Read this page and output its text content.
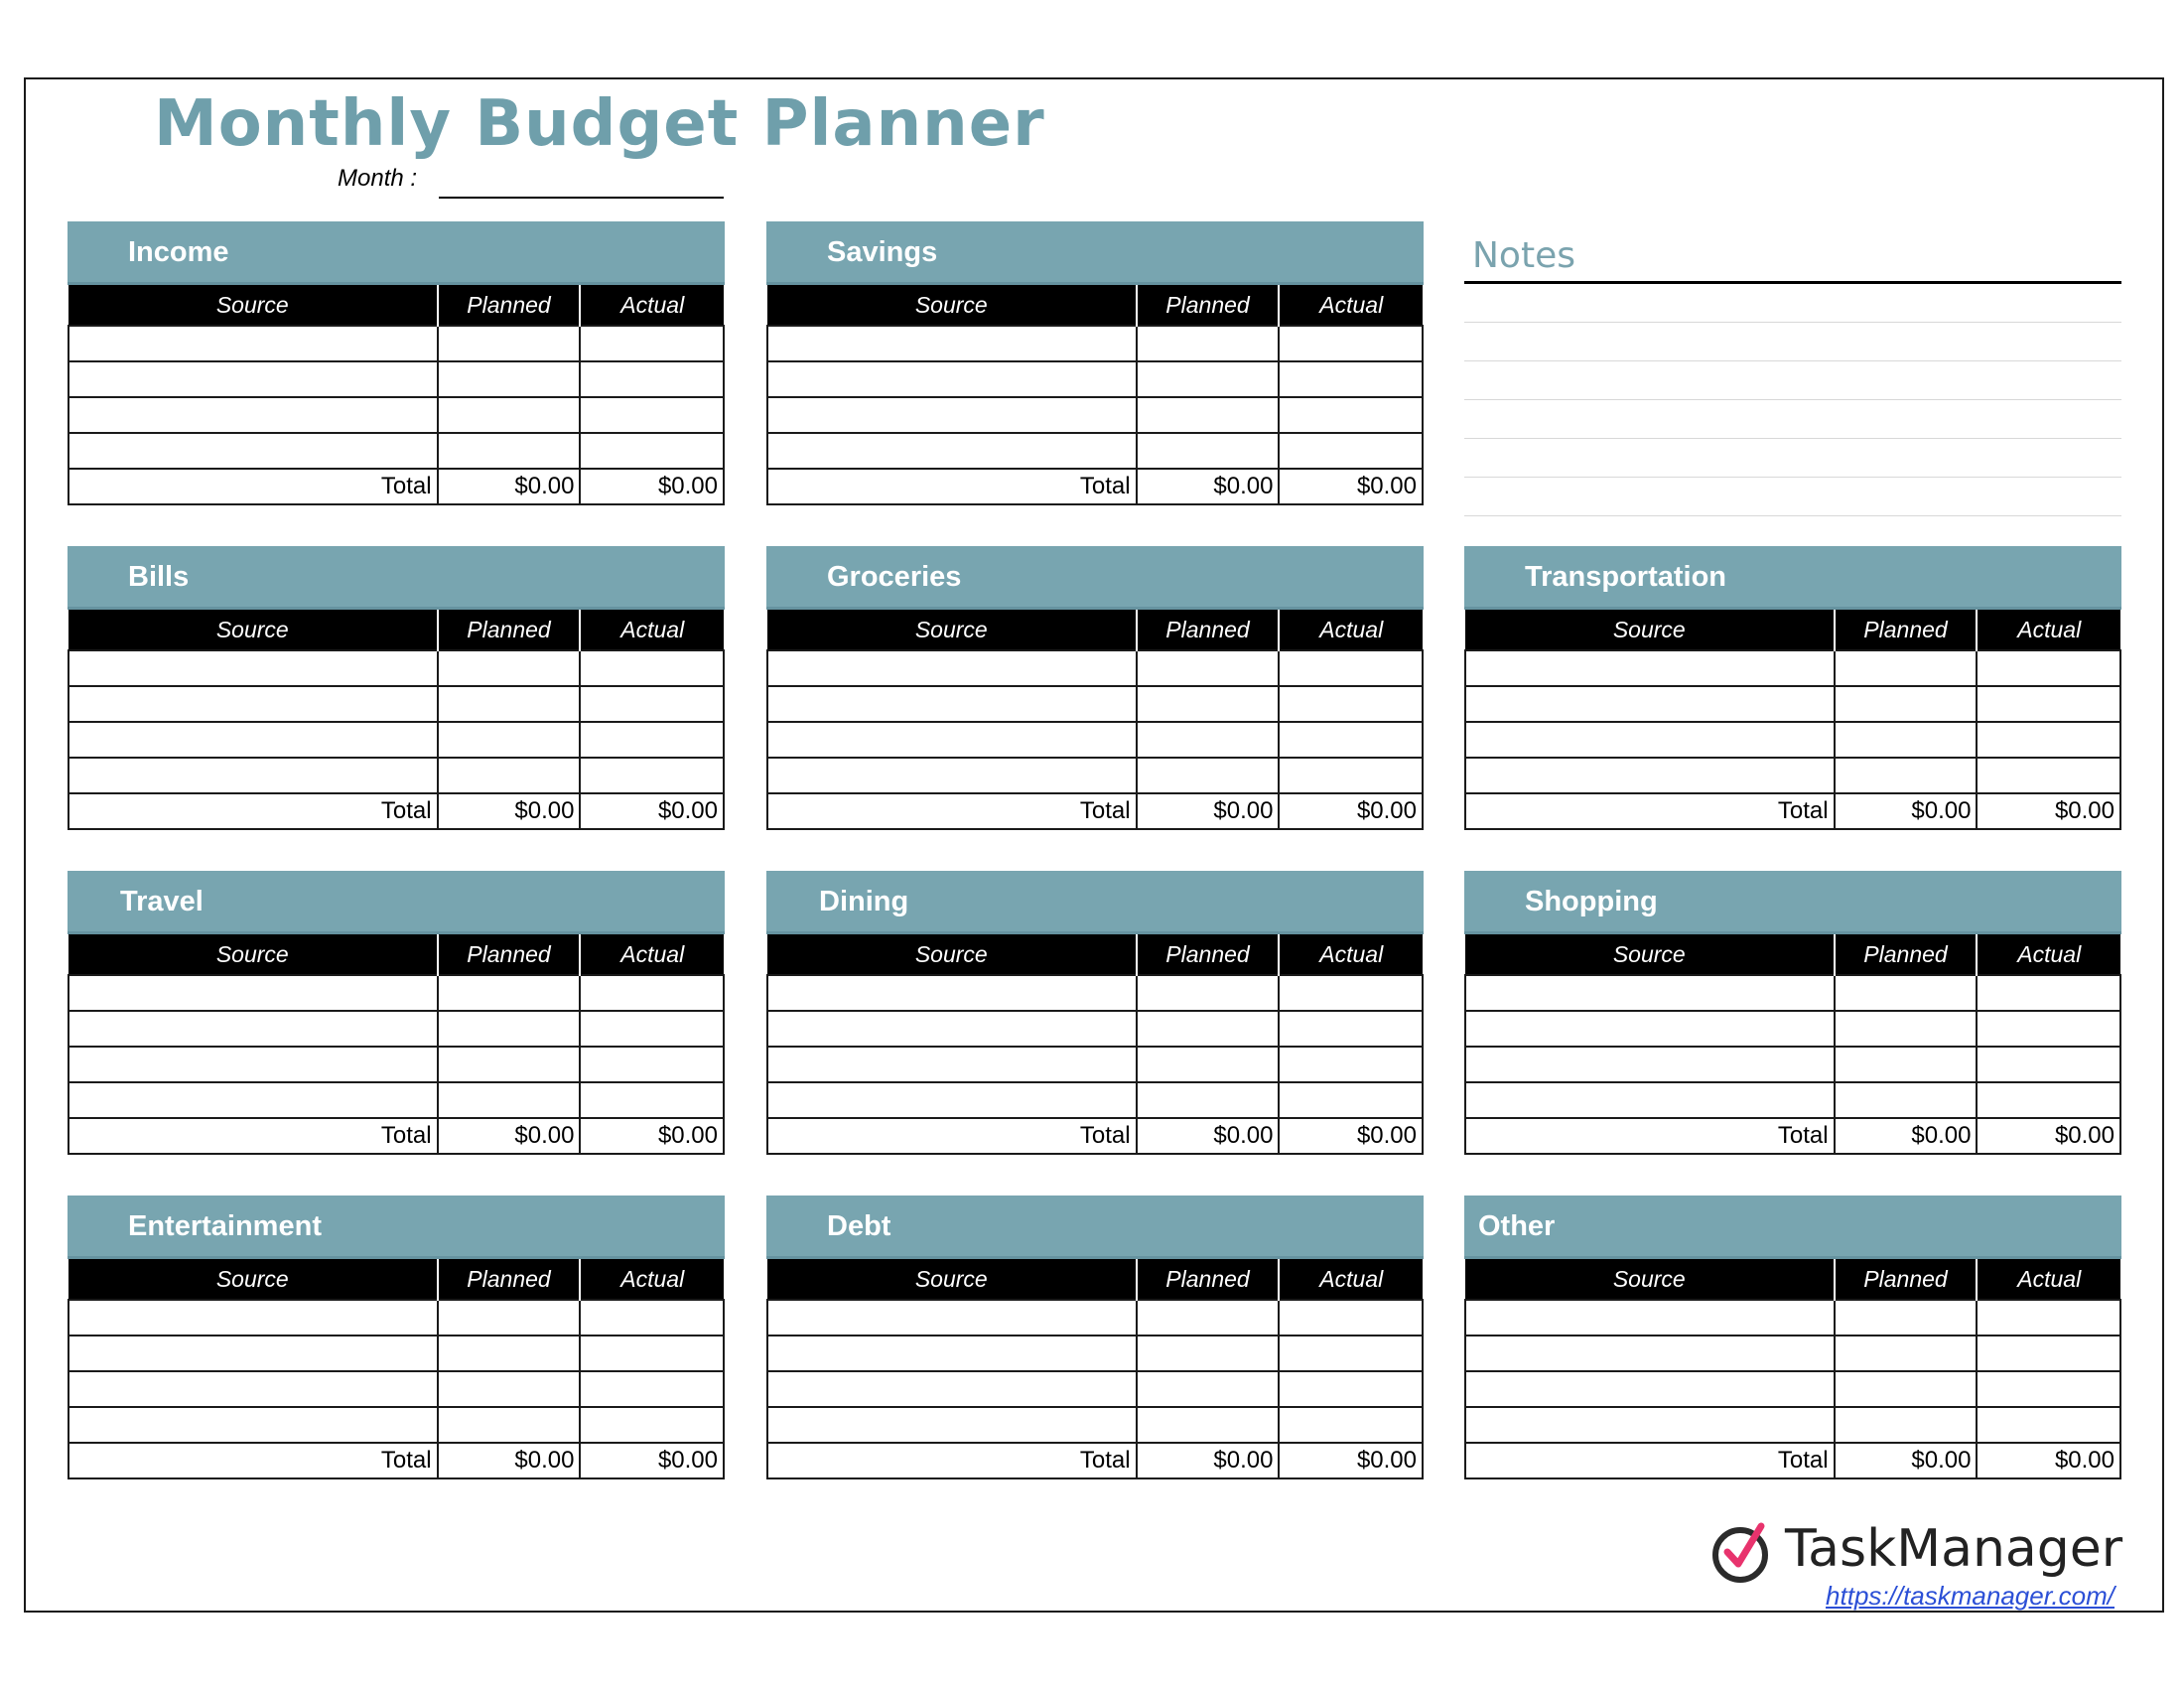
Monthly Budget Planner
Month :
Income
Source	Planned	Actual

Total	$0.00	$0.00
Savings
Source	Planned	Actual

Total	$0.00	$0.00
Bills
Source	Planned	Actual

Total	$0.00	$0.00
Groceries
Source	Planned	Actual

Total	$0.00	$0.00
Transportation
Source	Planned	Actual

Total	$0.00	$0.00
Travel
Source	Planned	Actual

Total	$0.00	$0.00
Dining
Source	Planned	Actual

Total	$0.00	$0.00
Shopping
Source	Planned	Actual

Total	$0.00	$0.00
Entertainment
Source	Planned	Actual

Total	$0.00	$0.00
Debt
Source	Planned	Actual

Total	$0.00	$0.00
Other
Source	Planned	Actual

Total	$0.00	$0.00
Notes
TaskManager
https://taskmanager.com/
